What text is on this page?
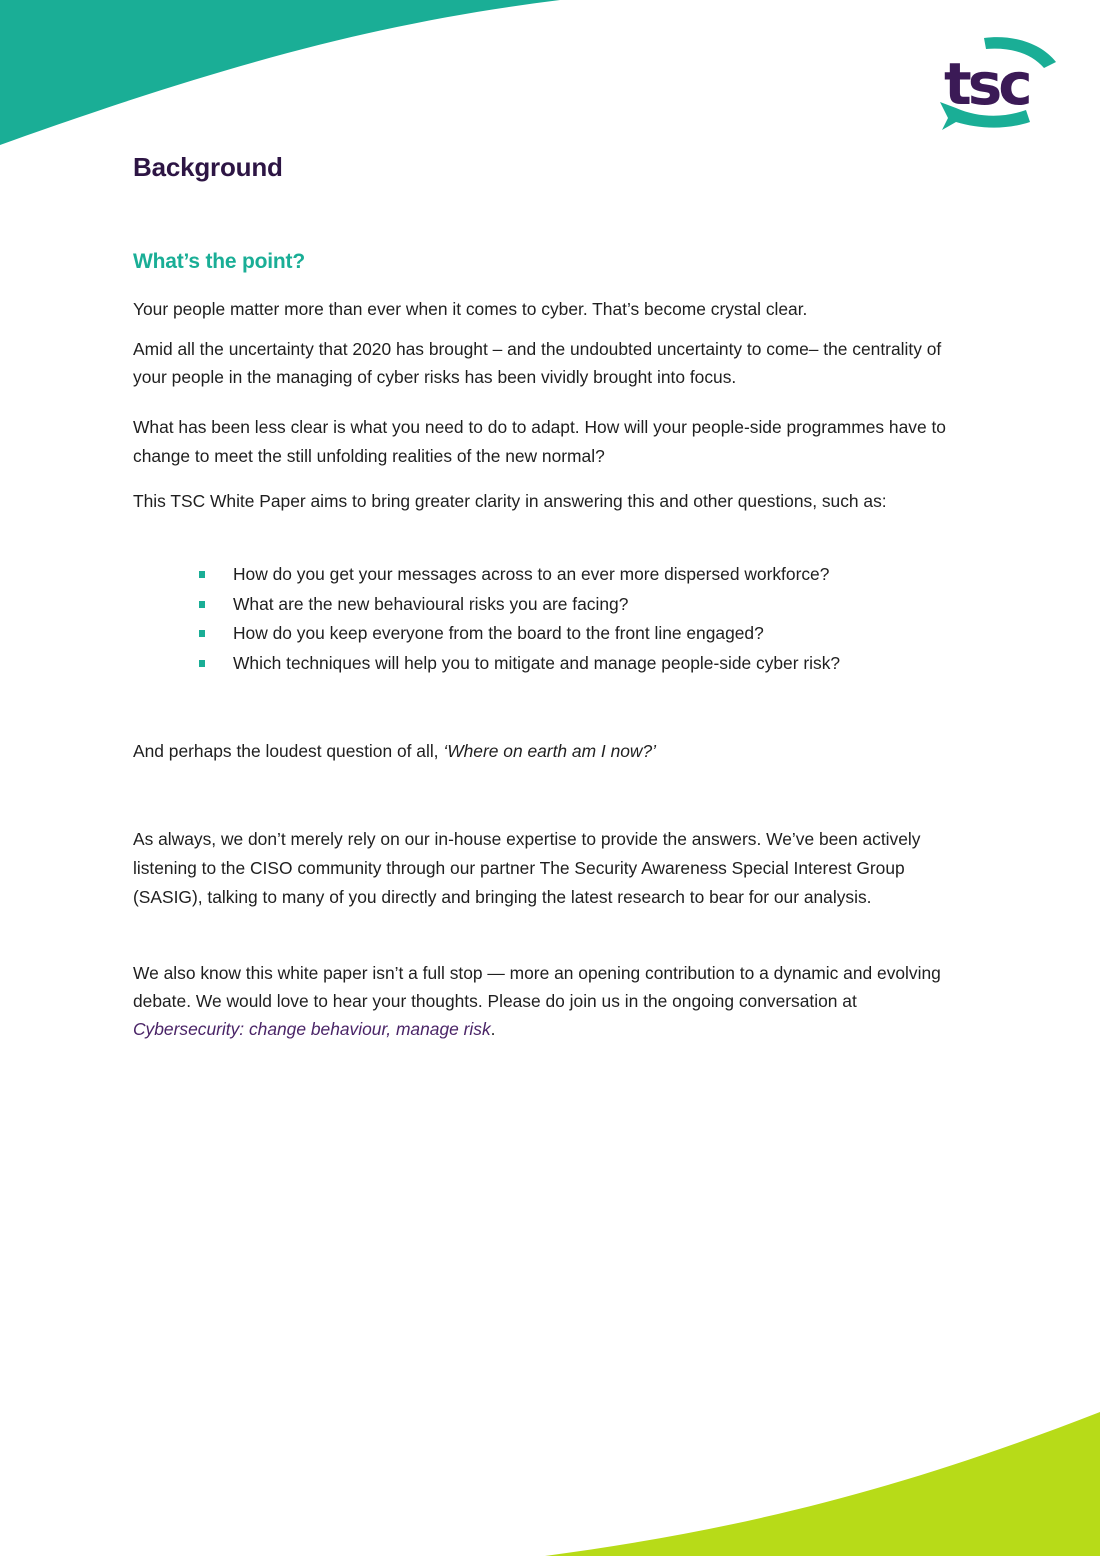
tsc
Background
What’s the point?

Your people matter more than ever when it comes to cyber. That’s become crystal clear.

Amid all the uncertainty that 2020 has brought – and the undoubted uncertainty to come– the centrality of your people in the managing of cyber risks has been vividly brought into focus.

What has been less clear is what you need to do to adapt. How will your people-side programmes have to change to meet the still unfolding realities of the new normal?

This TSC White Paper aims to bring greater clarity in answering this and other questions, such as:

How do you get your messages across to an ever more dispersed workforce?
What are the new behavioural risks you are facing?
How do you keep everyone from the board to the front line engaged?
Which techniques will help you to mitigate and manage people-side cyber risk?

And perhaps the loudest question of all, ‘Where on earth am I now?’

As always, we don’t merely rely on our in-house expertise to provide the answers. We’ve been actively listening to the CISO community through our partner The Security Awareness Special Interest Group (SASIG), talking to many of you directly and bringing the latest research to bear for our analysis.

We also know this white paper isn’t a full stop — more an opening contribution to a dynamic and evolving debate. We would love to hear your thoughts. Please do join us in the ongoing conversation at Cybersecurity: change behaviour, manage risk.
